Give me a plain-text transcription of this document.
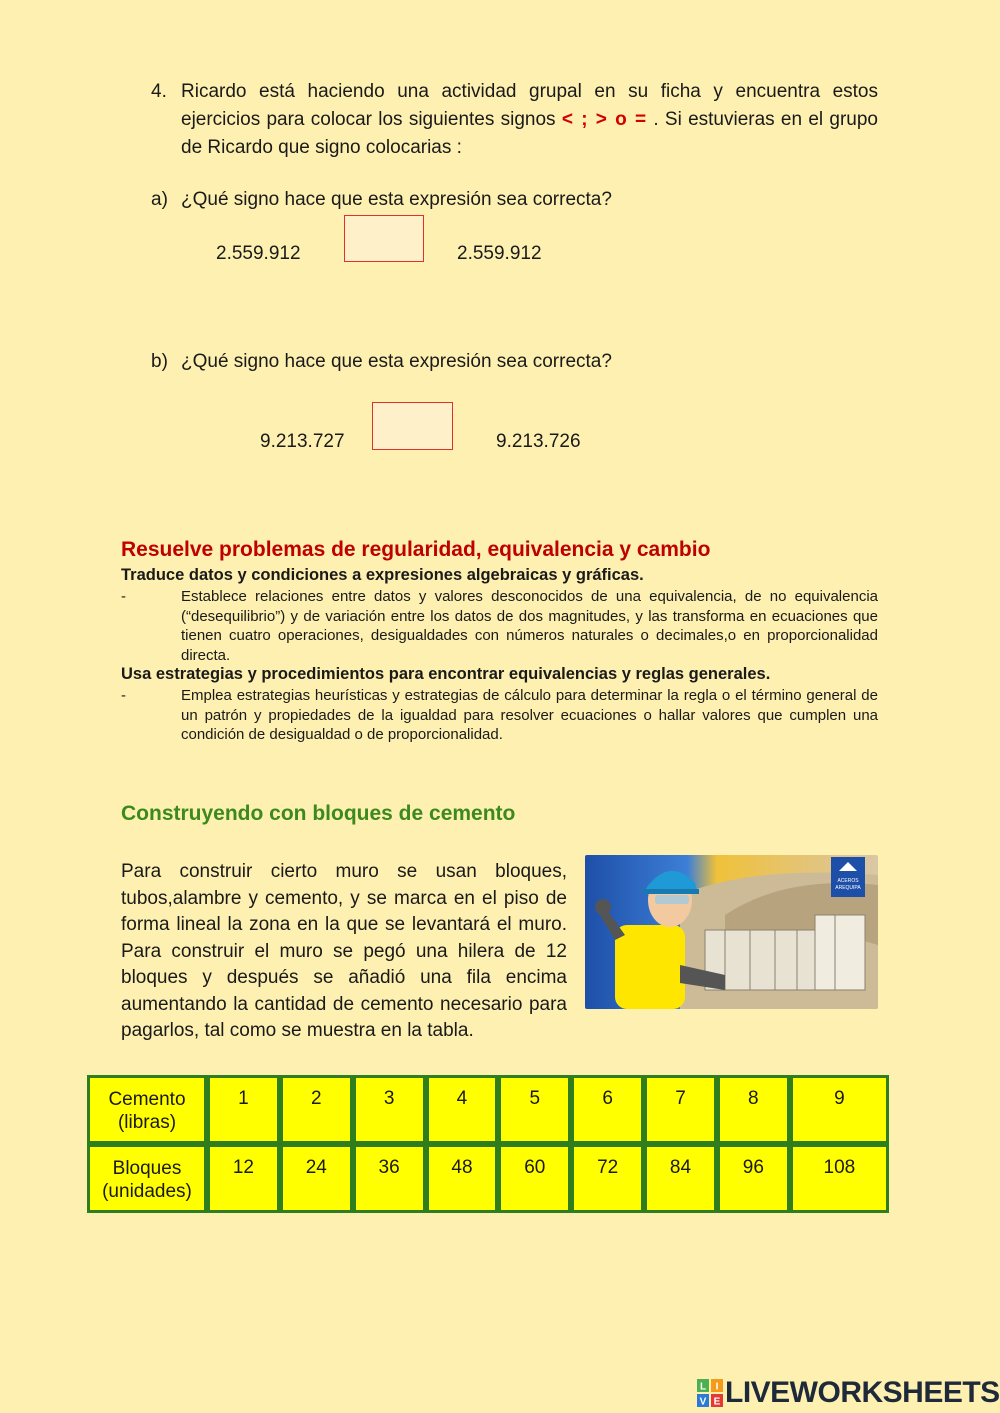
4. Ricardo está haciendo una actividad grupal en su ficha y encuentra estos ejercicios para colocar los siguientes signos < ; > o = . Si estuvieras en el grupo de Ricardo que signo colocarias :
a) ¿Qué signo hace que esta expresión sea correcta?
2.559.912	2.559.912
b) ¿Qué signo hace que esta expresión sea correcta?
9.213.727	9.213.726
Resuelve problemas de regularidad, equivalencia y cambio
Traduce datos y condiciones a expresiones algebraicas y gráficas.
-	Establece relaciones entre datos y valores desconocidos de una equivalencia, de no equivalencia (“desequilibrio”) y de variación entre los datos de dos magnitudes, y las transforma en ecuaciones que tienen cuatro operaciones, desigualdades con números naturales o decimales,o en proporcionalidad directa.
Usa estrategias y procedimientos para encontrar equivalencias y reglas generales.
-	Emplea estrategias heurísticas y estrategias de cálculo para determinar la regla o el término general de un patrón y propiedades de la igualdad para resolver ecuaciones o hallar valores que cumplen una condición de desigualdad o de proporcionalidad.
Construyendo con bloques de cemento
Para construir cierto muro se usan bloques, tubos,alambre y cemento, y se marca en el piso de forma lineal la zona en la que se levantará el muro. Para construir el muro se pegó una hilera de 12 bloques y después se añadió una fila encima aumentando la cantidad de cemento necesario para pagarlos, tal como se muestra en la tabla.
ACEROS
AREQUIPA
Cemento
(libras)	1	2	3	4	5	6	7	8	9
Bloques
(unidades)	12	24	36	48	60	72	84	96	108
L I
V E LIVEWORKSHEETS
